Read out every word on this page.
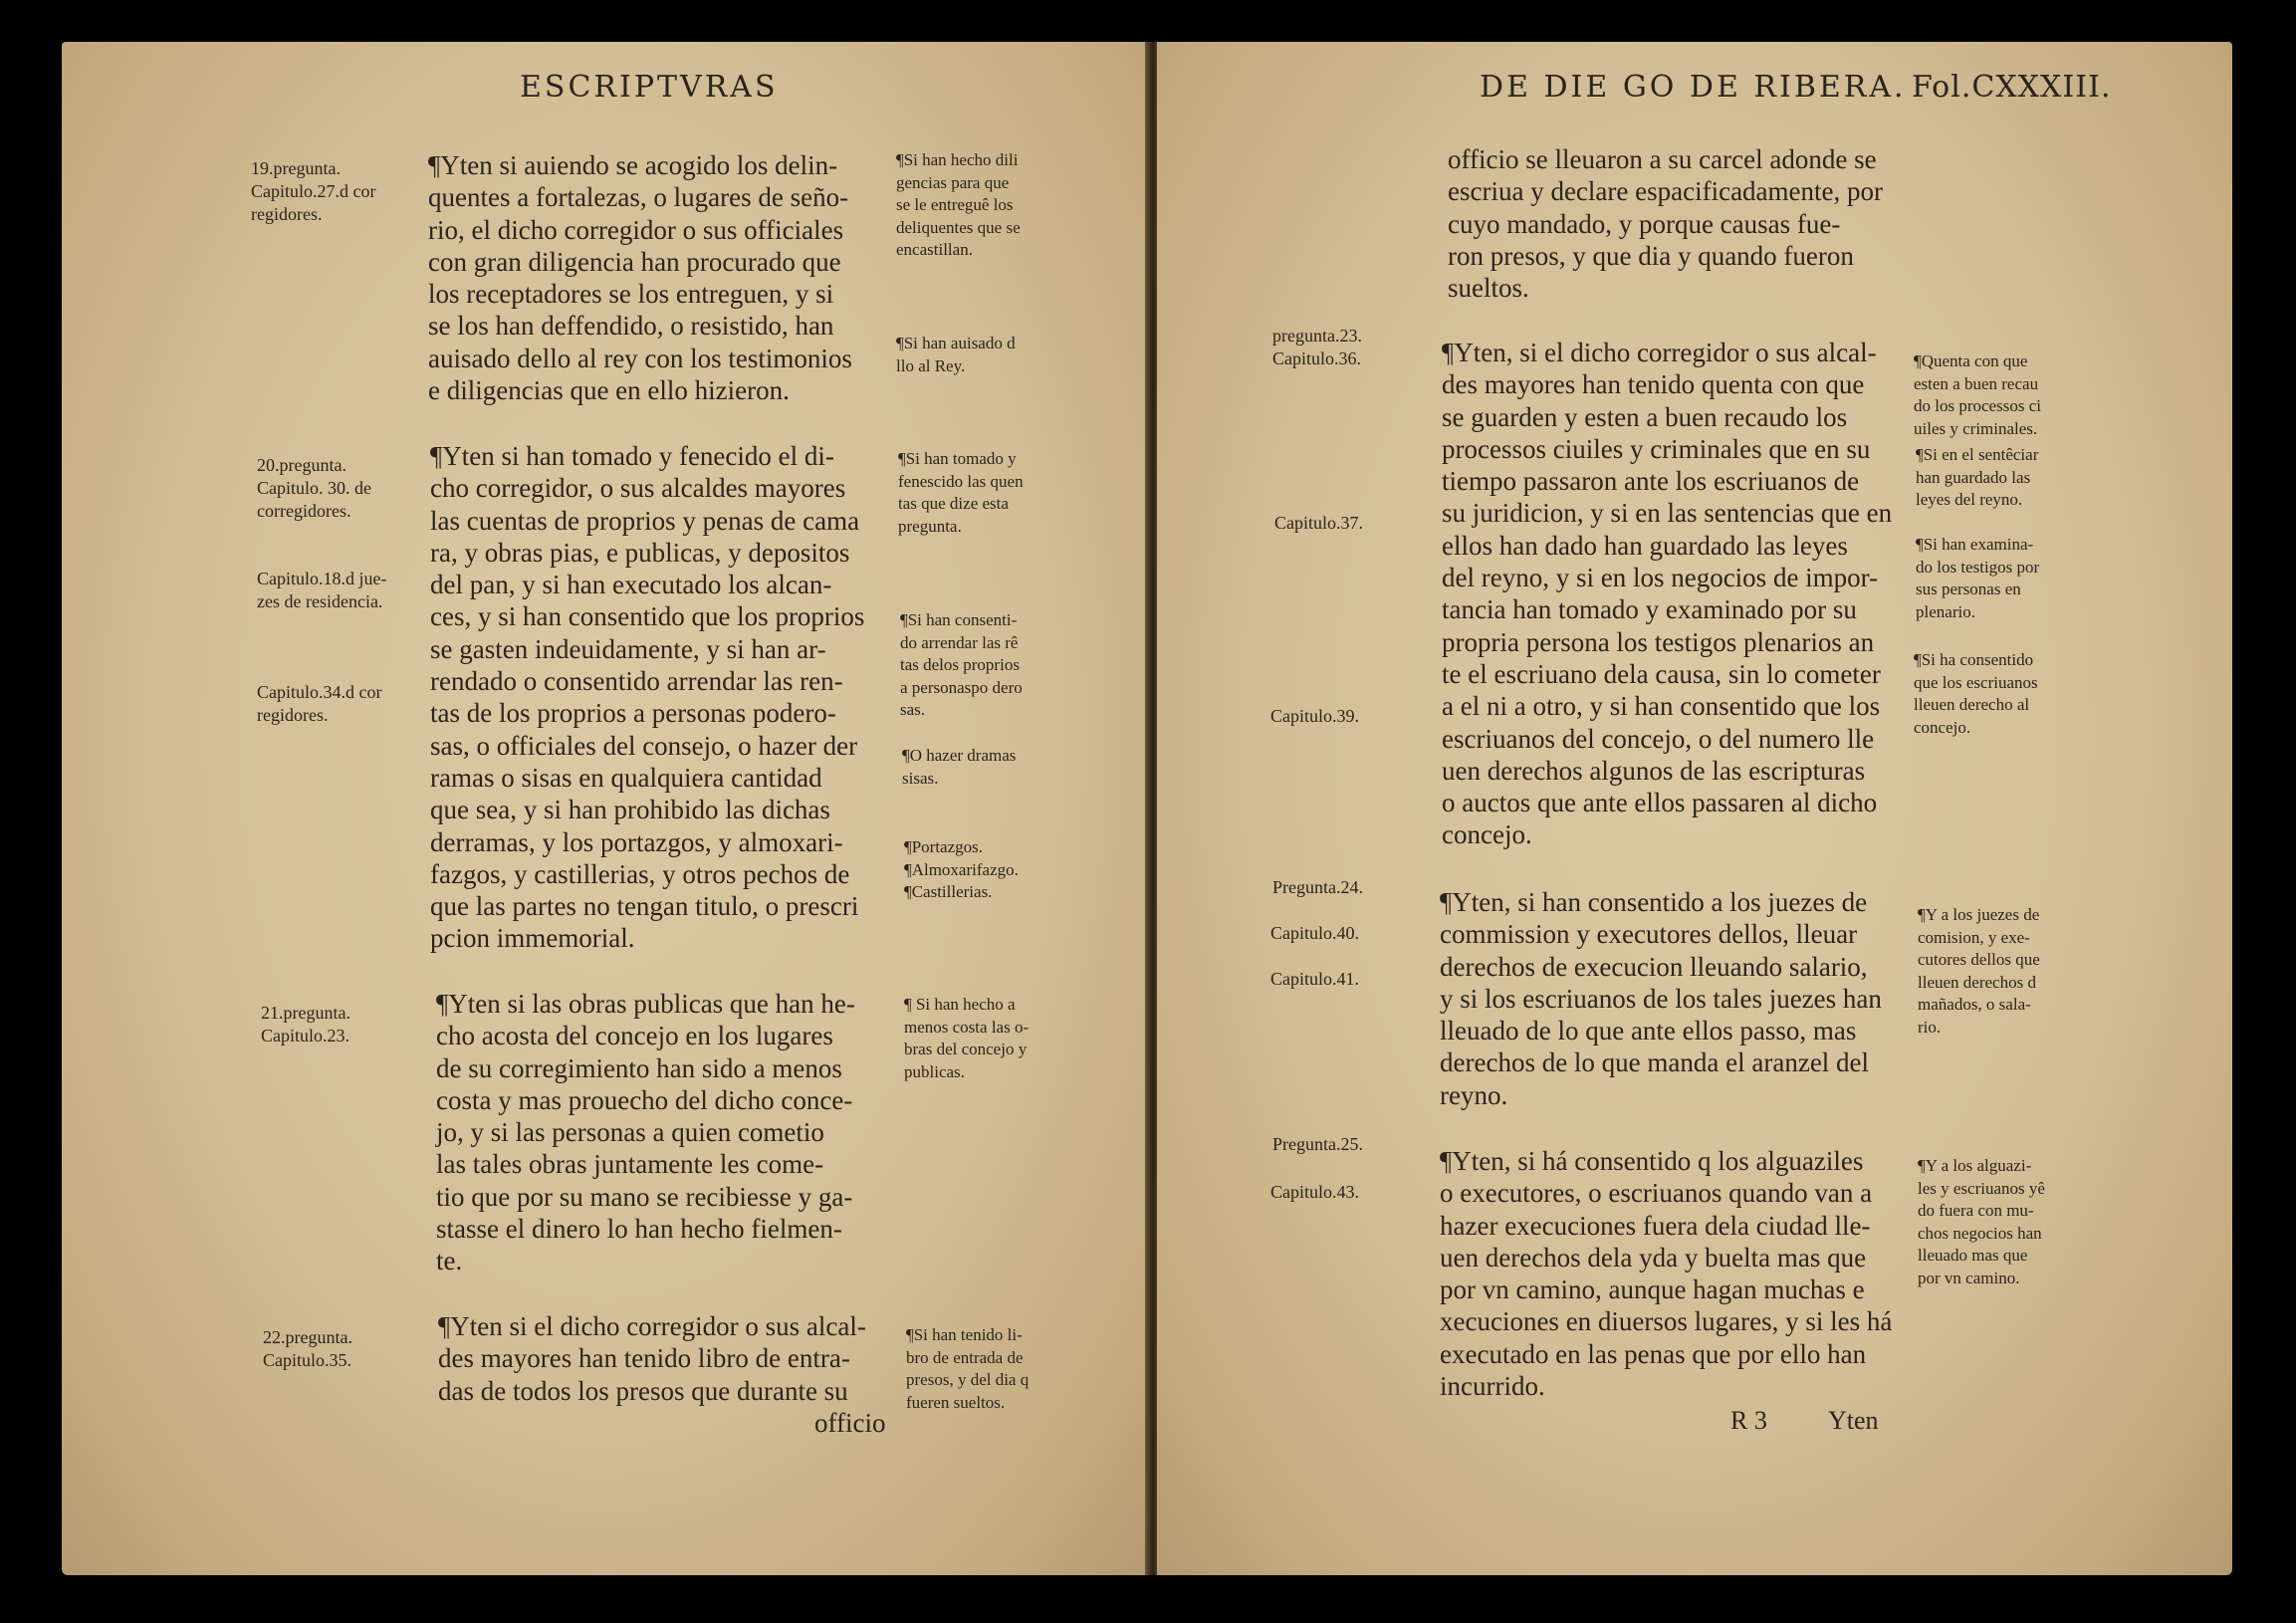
ESCRIPTVRAS
19.pregunta.
Capitulo.27.d cor
regidores.
¶Yten si auiendo se acogido los delin-
quentes a fortalezas, o lugares de seño-
rio, el dicho corregidor o sus officiales
con gran diligencia han procurado que
los receptadores se los entreguen, y si
se los han deffendido, o resistido, han
auisado dello al rey con los testimonios
e diligencias que en ello hizieron.
¶Si han hecho dili
gencias para que
se le entreguê los
deliquentes que se
encastillan.
¶Si han auisado d
llo al Rey.
20.pregunta.
Capitulo. 30. de
corregidores.
Capitulo.18.d jue-
zes de residencia.
Capitulo.34.d cor
regidores.
¶Yten si han tomado y fenecido el di-
cho corregidor, o sus alcaldes mayores
las cuentas de proprios y penas de cama
ra, y obras pias, e publicas, y depositos
del pan, y si han executado los alcan-
ces, y si han consentido que los proprios
se gasten indeuidamente, y si han ar-
rendado o consentido arrendar las ren-
tas de los proprios a personas podero-
sas, o officiales del consejo, o hazer der
ramas o sisas en qualquiera cantidad
que sea, y si han prohibido las dichas
derramas, y los portazgos, y almoxari-
fazgos, y castillerias, y otros pechos de
que las partes no tengan titulo, o prescri
pcion immemorial.
¶Si han tomado y
fenescido las quen
tas que dize esta
pregunta.
¶Si han consenti-
do arrendar las rê
tas delos proprios
a personaspo dero
sas.
¶O hazer dramas
sisas.
¶Portazgos.
¶Almoxarifazgo.
¶Castillerias.
21.pregunta.
Capitulo.23.
¶Yten si las obras publicas que han he-
cho acosta del concejo en los lugares
de su corregimiento han sido a menos
costa y mas prouecho del dicho conce-
jo, y si las personas a quien cometio
las tales obras juntamente les come-
tio que por su mano se recibiesse y ga-
stasse el dinero lo han hecho fielmen-
te.
¶ Si han hecho a
menos costa las o-
bras del concejo y
publicas.
22.pregunta.
Capitulo.35.
¶Yten si el dicho corregidor o sus alcal-
des mayores han tenido libro de entra-
das de todos los presos que durante su
officio
¶Si han tenido li-
bro de entrada de
presos, y del dia q
fueren sueltos.
DE DIE GO DE RIBERA. Fol.CXXXIII.
officio se lleuaron a su carcel adonde se
escriua y declare espacificadamente, por
cuyo mandado, y porque causas fue-
ron presos, y que dia y quando fueron
sueltos.
pregunta.23.
Capitulo.36.
Capitulo.37.
Capitulo.39.
¶Yten, si el dicho corregidor o sus alcal-
des mayores han tenido quenta con que
se guarden y esten a buen recaudo los
processos ciuiles y criminales que en su
tiempo passaron ante los escriuanos de
su juridicion, y si en las sentencias que en
ellos han dado han guardado las leyes
del reyno, y si en los negocios de impor-
tancia han tomado y examinado por su
propria persona los testigos plenarios an
te el escriuano dela causa, sin lo cometer
a el ni a otro, y si han consentido que los
escriuanos del concejo, o del numero lle
uen derechos algunos de las escripturas
o auctos que ante ellos passaren al dicho
concejo.
¶Quenta con que
esten a buen recau
do los processos ci
uiles y criminales.
¶Si en el sentêciar
han guardado las
leyes del reyno.
¶Si han examina-
do los testigos por
sus personas en
plenario.
¶Si ha consentido
que los escriuanos
lleuen derecho al
concejo.
Pregunta.24.
Capitulo.40.
Capitulo.41.
¶Yten, si han consentido a los juezes de
commission y executores dellos, lleuar
derechos de execucion lleuando salario,
y si los escriuanos de los tales juezes han
lleuado de lo que ante ellos passo, mas
derechos de lo que manda el aranzel del
reyno.
¶Y a los juezes de
comision, y exe-
cutores dellos que
lleuen derechos d
mañados, o sala-
rio.
Pregunta.25.
Capitulo.43.
¶Yten, si há consentido q los alguaziles
o executores, o escriuanos quando van a
hazer execuciones fuera dela ciudad lle-
uen derechos dela yda y buelta mas que
por vn camino, aunque hagan muchas e
xecuciones en diuersos lugares, y si les há
executado en las penas que por ello han
incurrido.
¶Y a los alguazi-
les y escriuanos yê
do fuera con mu-
chos negocios han
lleuado mas que
por vn camino.
R 3 Yten
